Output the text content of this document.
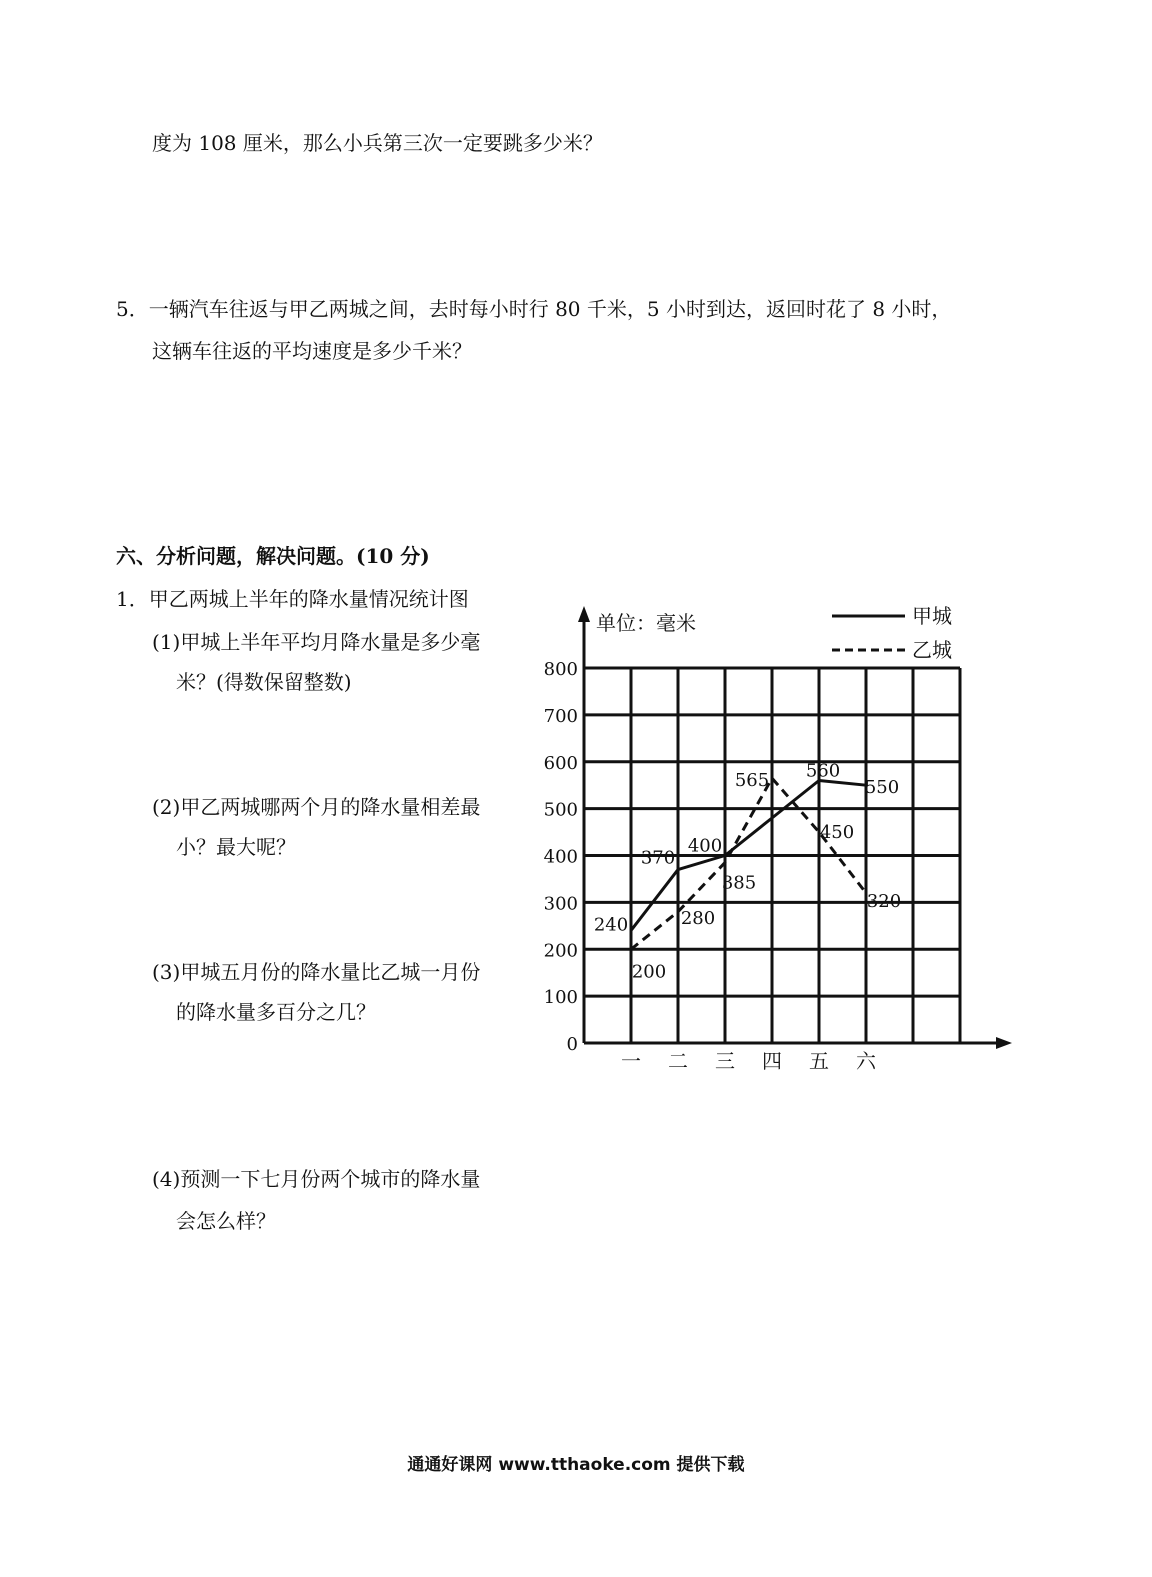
度为 108 厘米，那么小兵第三次一定要跳多少米？
5．一辆汽车往返与甲乙两城之间，去时每小时行 80 千米，5 小时到达，返回时花了 8 小时，
这辆车往返的平均速度是多少千米？
六、分析问题，解决问题。(10 分)
1．甲乙两城上半年的降水量情况统计图
(1)甲城上半年平均月降水量是多少毫
米？(得数保留整数)
(2)甲乙两城哪两个月的降水量相差最
小？最大呢？
(3)甲城五月份的降水量比乙城一月份
的降水量多百分之几？
(4)预测一下七月份两个城市的降水量
会怎么样？
0
100
200
300
400
500
600
700
800
一 二 三 四 五 六
单位：毫米	甲城
乙城
240
370
400
560
550
200
280
385
565
450
320
通通好课网 www.tthaoke.com 提供下载
